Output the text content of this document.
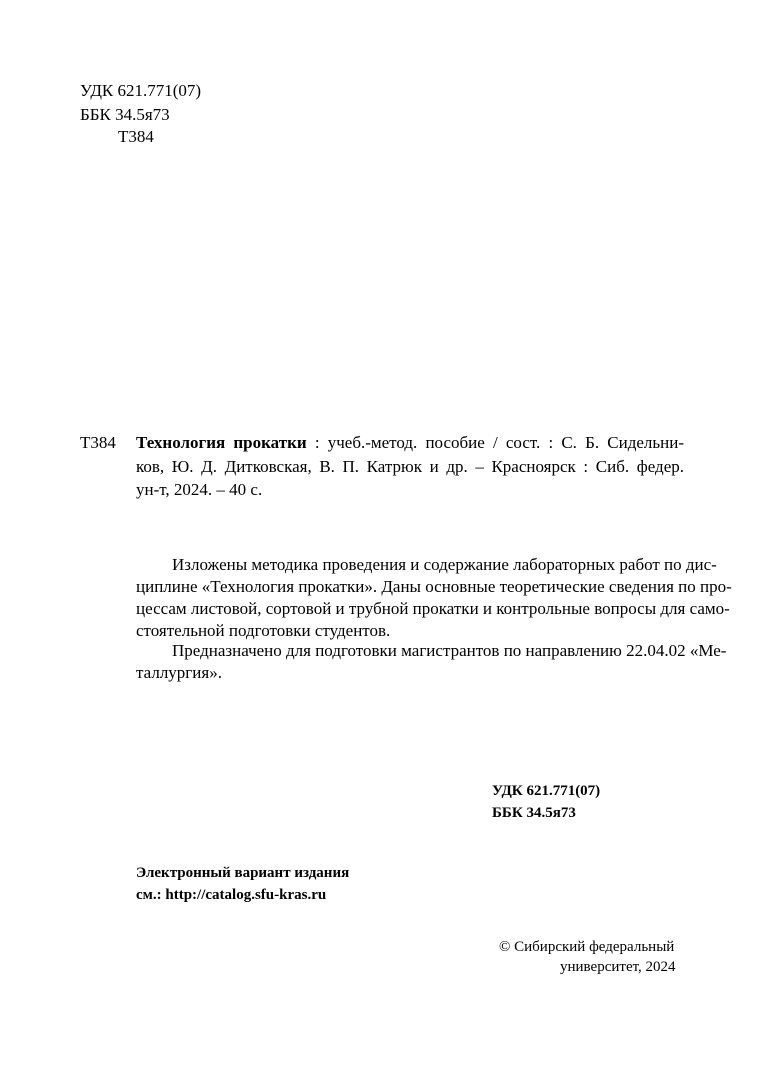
УДК 621.771(07)
ББК 34.5я73
Т384
Т384 Технология прокатки : учеб.-метод. пособие / сост. : С. Б. Сидельни-
ков, Ю. Д. Дитковская, В. П. Катрюк и др. – Красноярск : Сиб. федер.
ун-т, 2024. – 40 с.
Изложены методика проведения и содержание лабораторных работ по дис-
циплине «Технология прокатки». Даны основные теоретические сведения по про-
цессам листовой, сортовой и трубной прокатки и контрольные вопросы для само-
стоятельной подготовки студентов.
Предназначено для подготовки магистрантов по направлению 22.04.02 «Ме-
таллургия».
УДК 621.771(07)
ББК 34.5я73
Электронный вариант издания
см.: http://catalog.sfu-kras.ru
© Сибирский федеральный
университет, 2024
